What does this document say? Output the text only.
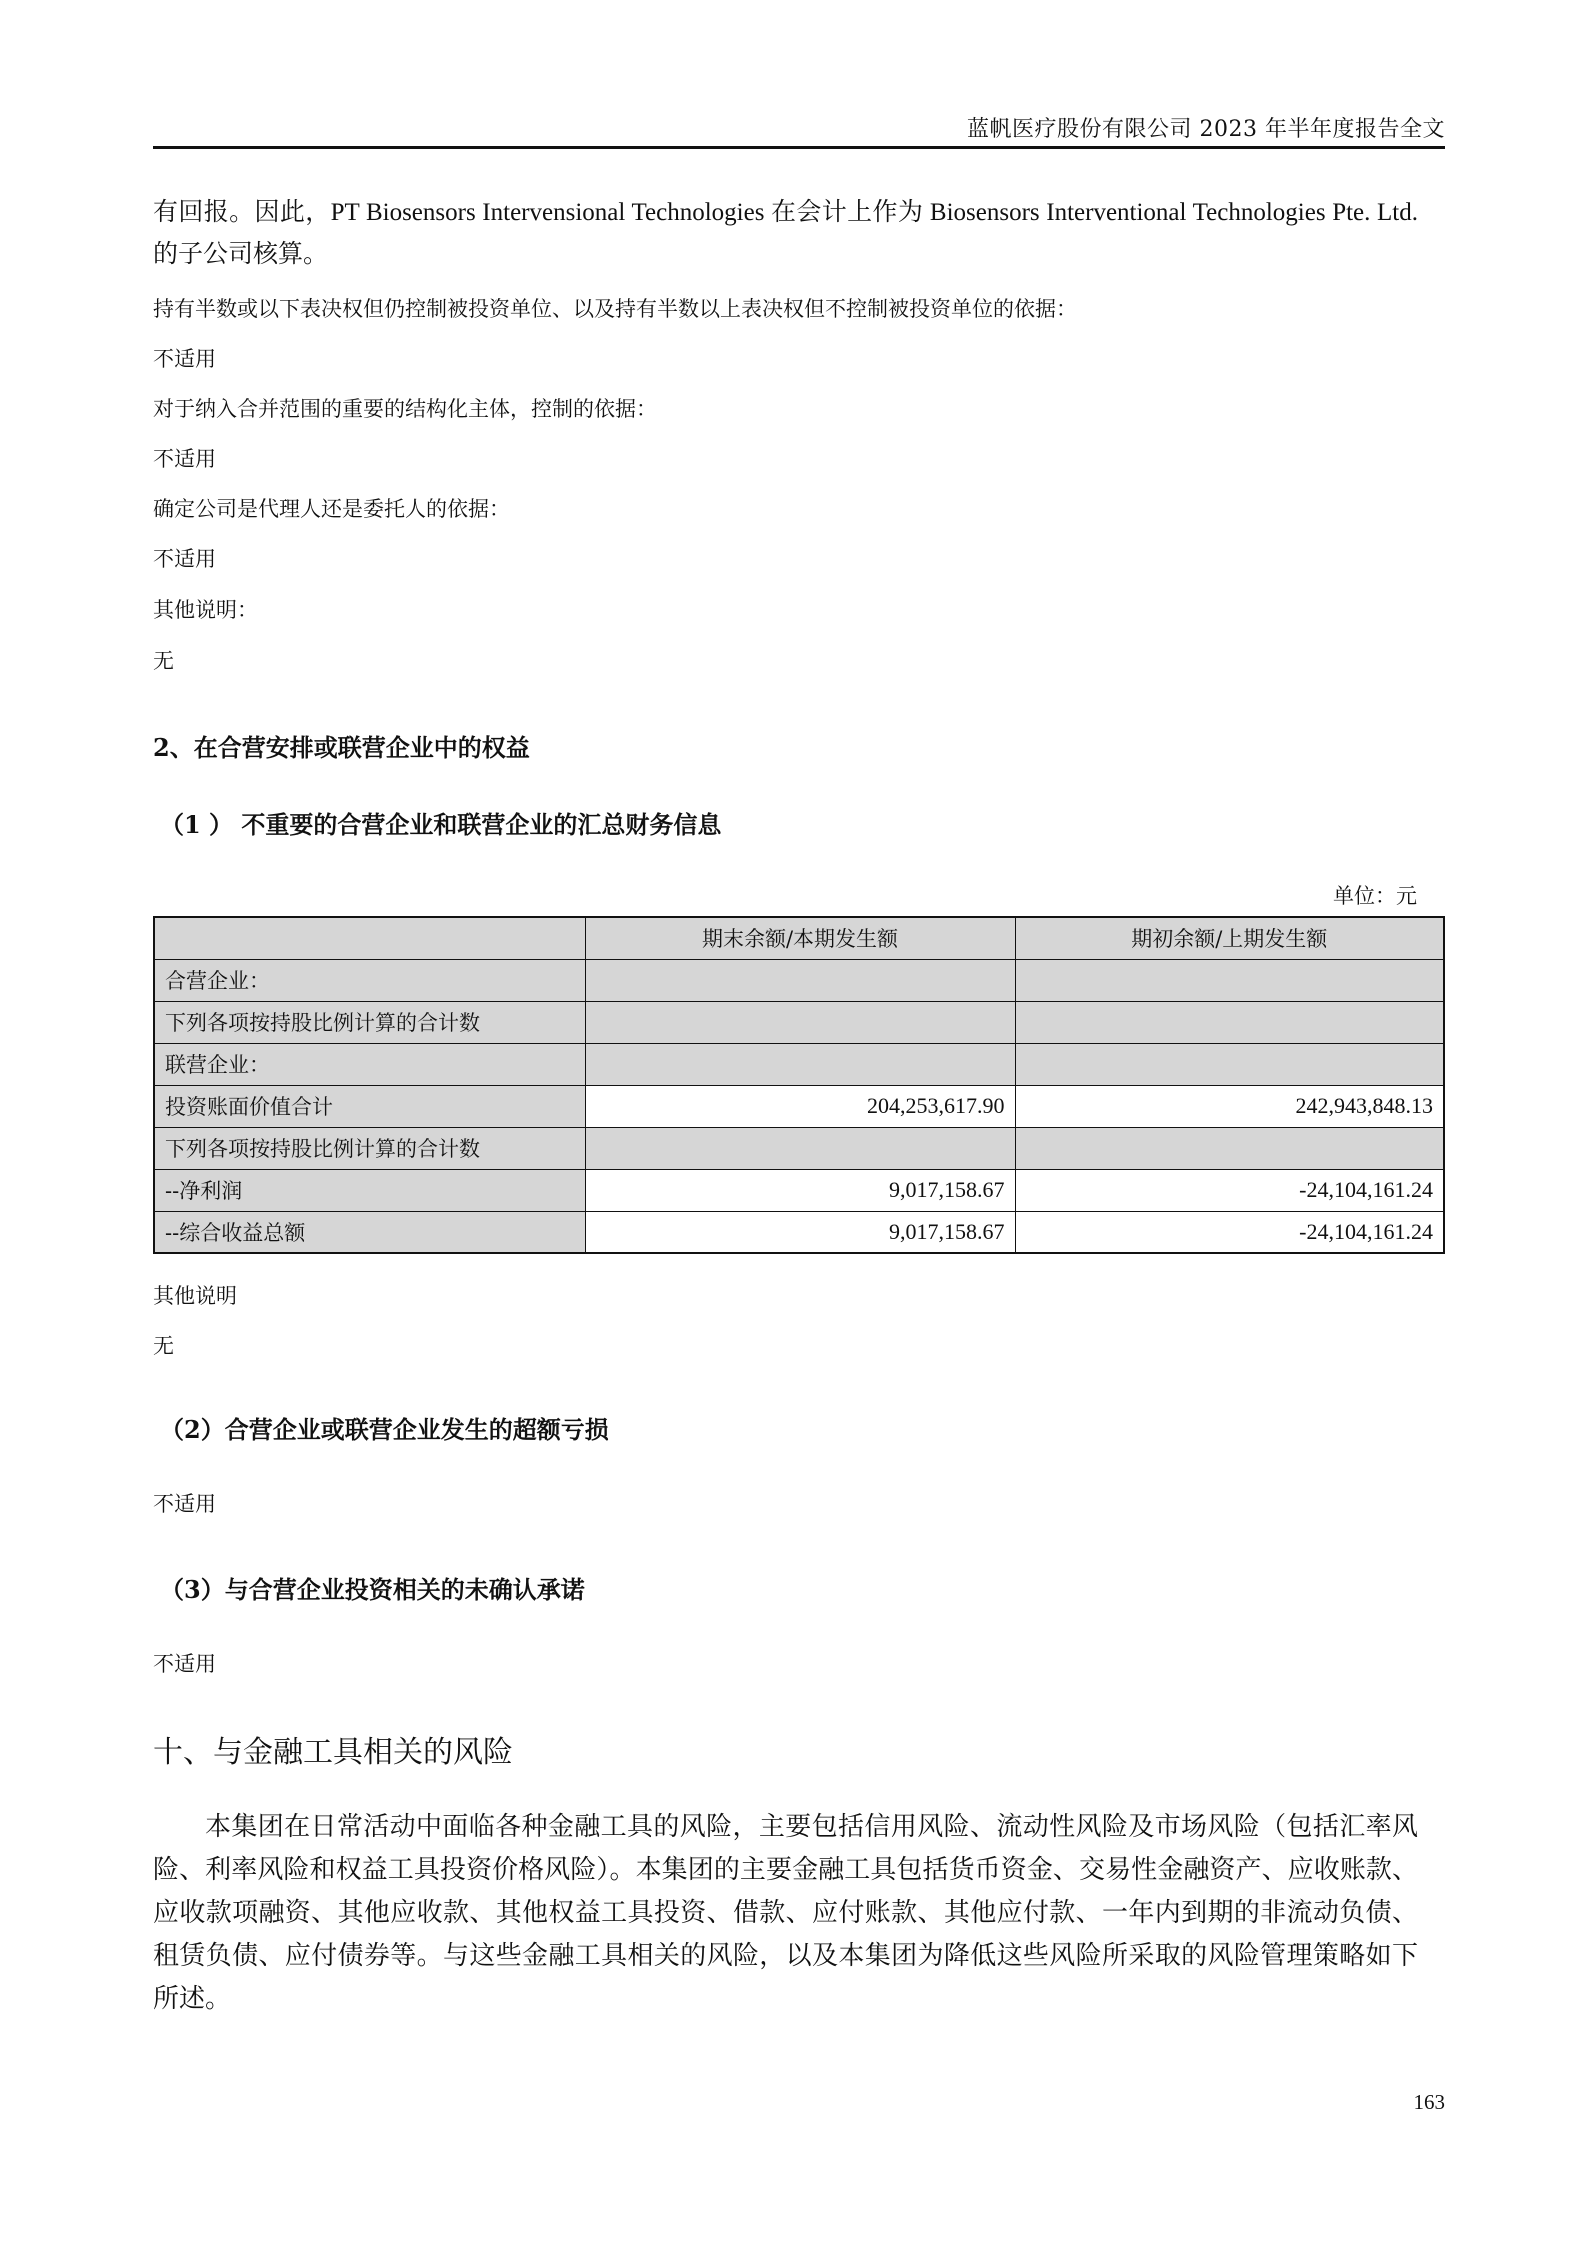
蓝帆医疗股份有限公司 2023 年半年度报告全文
有回报。因此，PT Biosensors Intervensional Technologies 在会计上作为 Biosensors Interventional Technologies Pte. Ltd. 的子公司核算。
持有半数或以下表决权但仍控制被投资单位、以及持有半数以上表决权但不控制被投资单位的依据：
不适用
对于纳入合并范围的重要的结构化主体，控制的依据：
不适用
确定公司是代理人还是委托人的依据：
不适用
其他说明：
无
2、在合营安排或联营企业中的权益
（1 ） 不重要的合营企业和联营企业的汇总财务信息
单位：元
	期末余额/本期发生额	期初余额/上期发生额
合营企业：		
下列各项按持股比例计算的合计数		
联营企业：		
投资账面价值合计	204,253,617.90	242,943,848.13
下列各项按持股比例计算的合计数		
--净利润	9,017,158.67	-24,104,161.24
--综合收益总额	9,017,158.67	-24,104,161.24
其他说明
无
（2）合营企业或联营企业发生的超额亏损
不适用
（3）与合营企业投资相关的未确认承诺
不适用
十、与金融工具相关的风险
本集团在日常活动中面临各种金融工具的风险，主要包括信用风险、流动性风险及市场风险（包括汇率风险、利率风险和权益工具投资价格风险）。本集团的主要金融工具包括货币资金、交易性金融资产、应收账款、应收款项融资、其他应收款、其他权益工具投资、借款、应付账款、其他应付款、一年内到期的非流动负债、租赁负债、应付债券等。与这些金融工具相关的风险，以及本集团为降低这些风险所采取的风险管理策略如下所述。
163
